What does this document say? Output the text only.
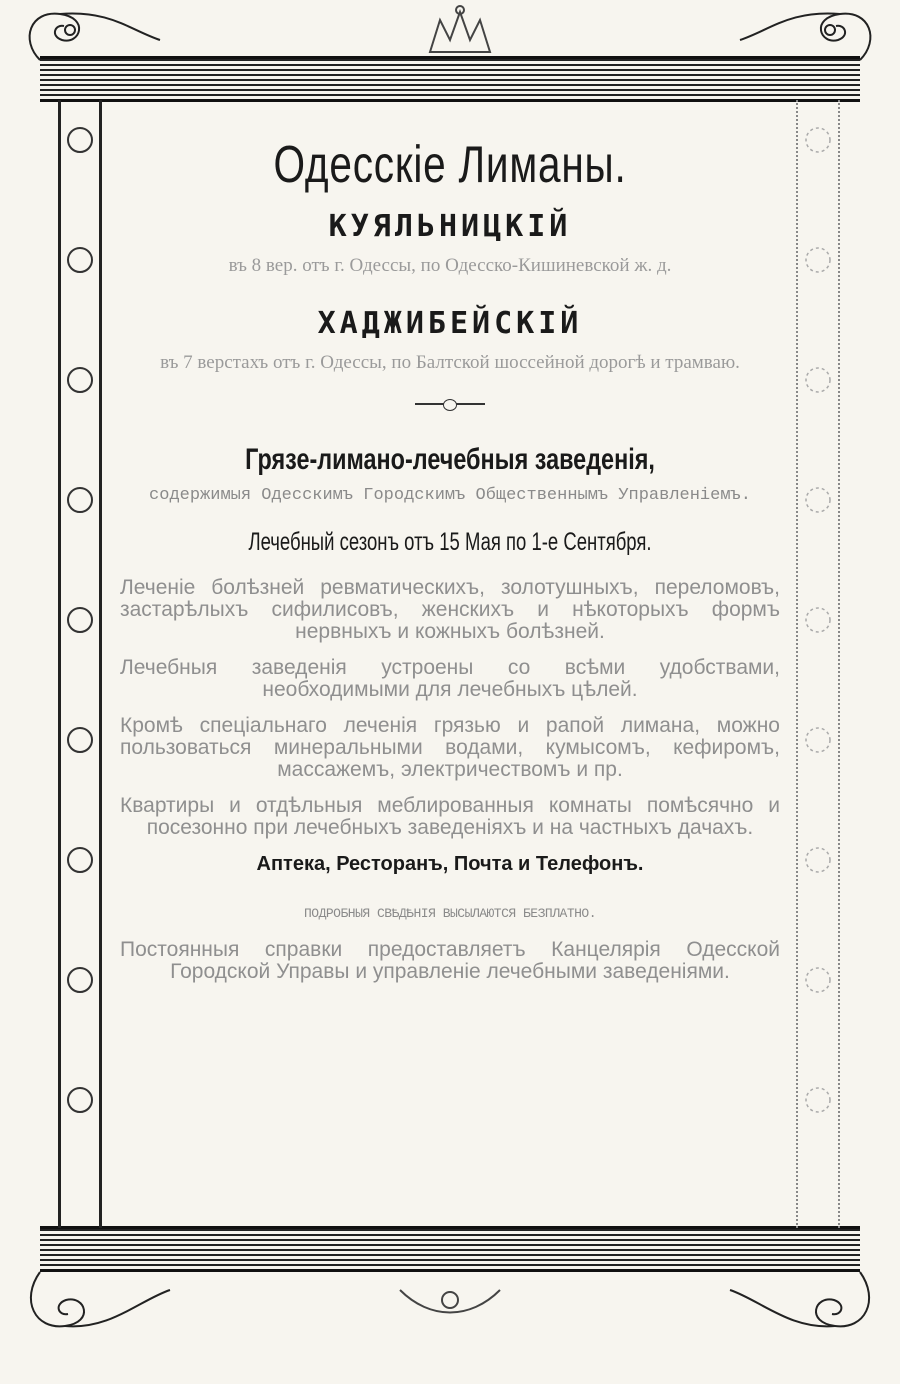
Одесскіе Лиманы.
КУЯЛЬНИЦКІЙ

въ 8 вер. отъ г. Одессы, по Одесско-Кишиневской ж. д.

ХАДЖИБЕЙСКІЙ

въ 7 верстахъ отъ г. Одессы, по Балтской шоссейной дорогѣ и трамваю.

Грязе-лимано-лечебныя заведенія,

содержимыя Одесскимъ Городскимъ Общественнымъ Управленіемъ.

Лечебный сезонъ отъ 15 Мая по 1-е Сентября.

Леченіе болѣзней ревматическихъ, золотушныхъ, переломовъ, застарѣлыхъ сифилисовъ, женскихъ и нѣкоторыхъ формъ нервныхъ и кожныхъ болѣзней.

Лечебныя заведенія устроены со всѣми удобствами, необходимыми для лечебныхъ цѣлей.

Кромѣ спеціальнаго леченія грязью и рапой лимана, можно пользоваться минеральными водами, кумысомъ, кефиромъ, массажемъ, электричествомъ и пр.

Квартиры и отдѣльныя меблированныя комнаты помѣсячно и посезонно при лечебныхъ заведеніяхъ и на частныхъ дачахъ.

Аптека, Ресторанъ, Почта и Телефонъ.

ПОДРОБНЫЯ СВѢДѢНІЯ ВЫСЫЛАЮТСЯ БЕЗПЛАТНО.

Постоянныя справки предоставляетъ Канцелярія Одесской Городской Управы и управленіе лечебными заведеніями.
